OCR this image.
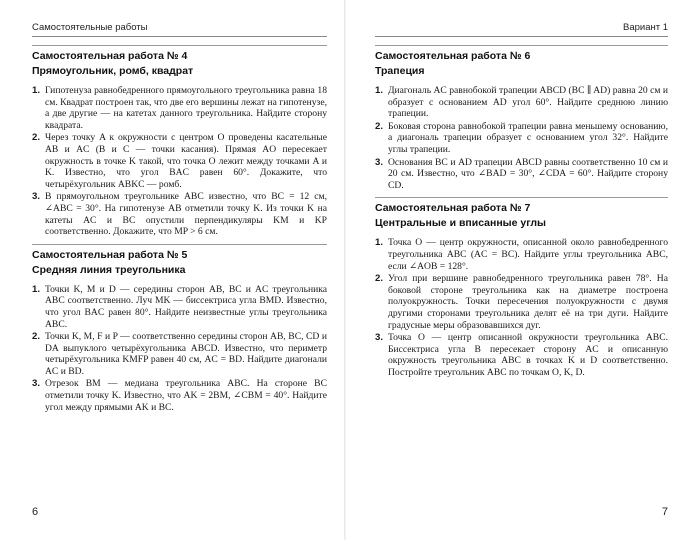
Самостоятельные работы
Самостоятельная работа № 4
Прямоугольник, ромб, квадрат
1. Гипотенуза равнобедренного прямоугольного треугольника равна 18 см. Квадрат построен так, что две его вершины лежат на гипотенузе, а две другие — на катетах данного треугольника. Найдите сторону квадрата.
2. Через точку A к окружности с центром O проведены касательные AB и AC (B и C — точки касания). Прямая AO пересекает окружность в точке K такой, что точка O лежит между точками A и K. Известно, что угол BAC равен 60°. Докажите, что четырёхугольник ABKC — ромб.
3. В прямоугольном треугольнике ABC известно, что BC = 12 см, ∠ABC = 30°. На гипотенузе AB отметили точку K. Из точки K на катеты AC и BC опустили перпендикуляры KM и KP соответственно. Докажите, что MP > 6 см.
Самостоятельная работа № 5
Средняя линия треугольника
1. Точки K, M и D — середины сторон AB, BC и AC треугольника ABC соответственно. Луч MK — биссектриса угла BMD. Известно, что угол BAC равен 80°. Найдите неизвестные углы треугольника ABC.
2. Точки K, M, F и P — соответственно середины сторон AB, BC, CD и DA выпуклого четырёхугольника ABCD. Известно, что периметр четырёхугольника KMFP равен 40 см, AC = BD. Найдите диагонали AC и BD.
3. Отрезок BM — медиана треугольника ABC. На стороне BC отметили точку K. Известно, что AK = 2BM, ∠CBM = 40°. Найдите угол между прямыми AK и BC.
6
Вариант 1
Самостоятельная работа № 6
Трапеция
1. Диагональ AC равнобокой трапеции ABCD (BC ∥ AD) равна 20 см и образует с основанием AD угол 60°. Найдите среднюю линию трапеции.
2. Боковая сторона равнобокой трапеции равна меньшему основанию, а диагональ трапеции образует с основанием угол 32°. Найдите углы трапеции.
3. Основания BC и AD трапеции ABCD равны соответственно 10 см и 20 см. Известно, что ∠BAD = 30°, ∠CDA = 60°. Найдите сторону CD.
Самостоятельная работа № 7
Центральные и вписанные углы
1. Точка O — центр окружности, описанной около равнобедренного треугольника ABC (AC = BC). Найдите углы треугольника ABC, если ∠AOB = 128°.
2. Угол при вершине равнобедренного треугольника равен 78°. На боковой стороне треугольника как на диаметре построена полуокружность. Точки пересечения полуокружности с двумя другими сторонами треугольника делят её на три дуги. Найдите градусные меры образовавшихся дуг.
3. Точка O — центр описанной окружности треугольника ABC. Биссектриса угла B пересекает сторону AC и описанную окружность треугольника ABC в точках K и D соответственно. Постройте треугольник ABC по точкам O, K, D.
7
